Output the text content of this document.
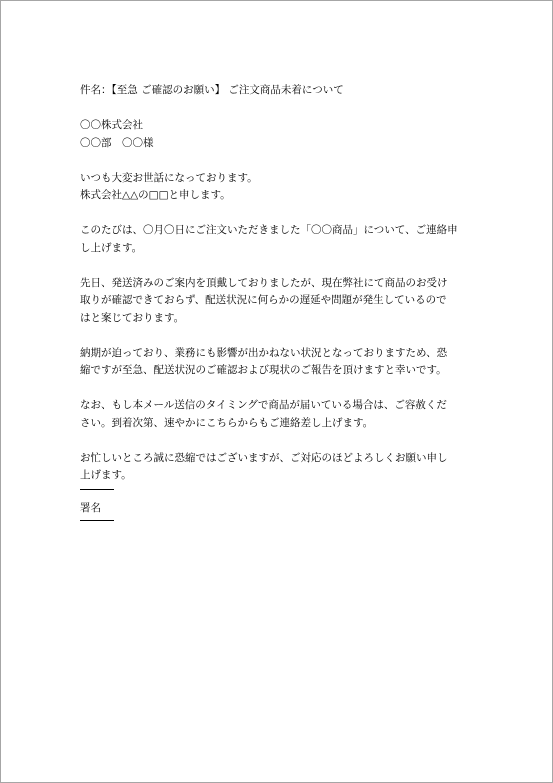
件名：【至急 ご確認のお願い】 ご注文商品未着について

〇〇株式会社

〇〇部　〇〇様

いつも大変お世話になっております。

株式会社△△の□□と申します。

このたびは、〇月〇日にご注文いただきました「〇〇商品」について、ご連絡申

し上げます。

先日、発送済みのご案内を頂戴しておりましたが、現在弊社にて商品のお受け

取りが確認できておらず、配送状況に何らかの遅延や問題が発生しているので

はと案じております。

納期が迫っており、業務にも影響が出かねない状況となっておりますため、恐

縮ですが至急、配送状況のご確認および現状のご報告を頂けますと幸いです。

なお、もし本メール送信のタイミングで商品が届いている場合は、ご容赦くだ

さい。到着次第、速やかにこちらからもご連絡差し上げます。

お忙しいところ誠に恐縮ではございますが、ご対応のほどよろしくお願い申し

上げます。

署名
